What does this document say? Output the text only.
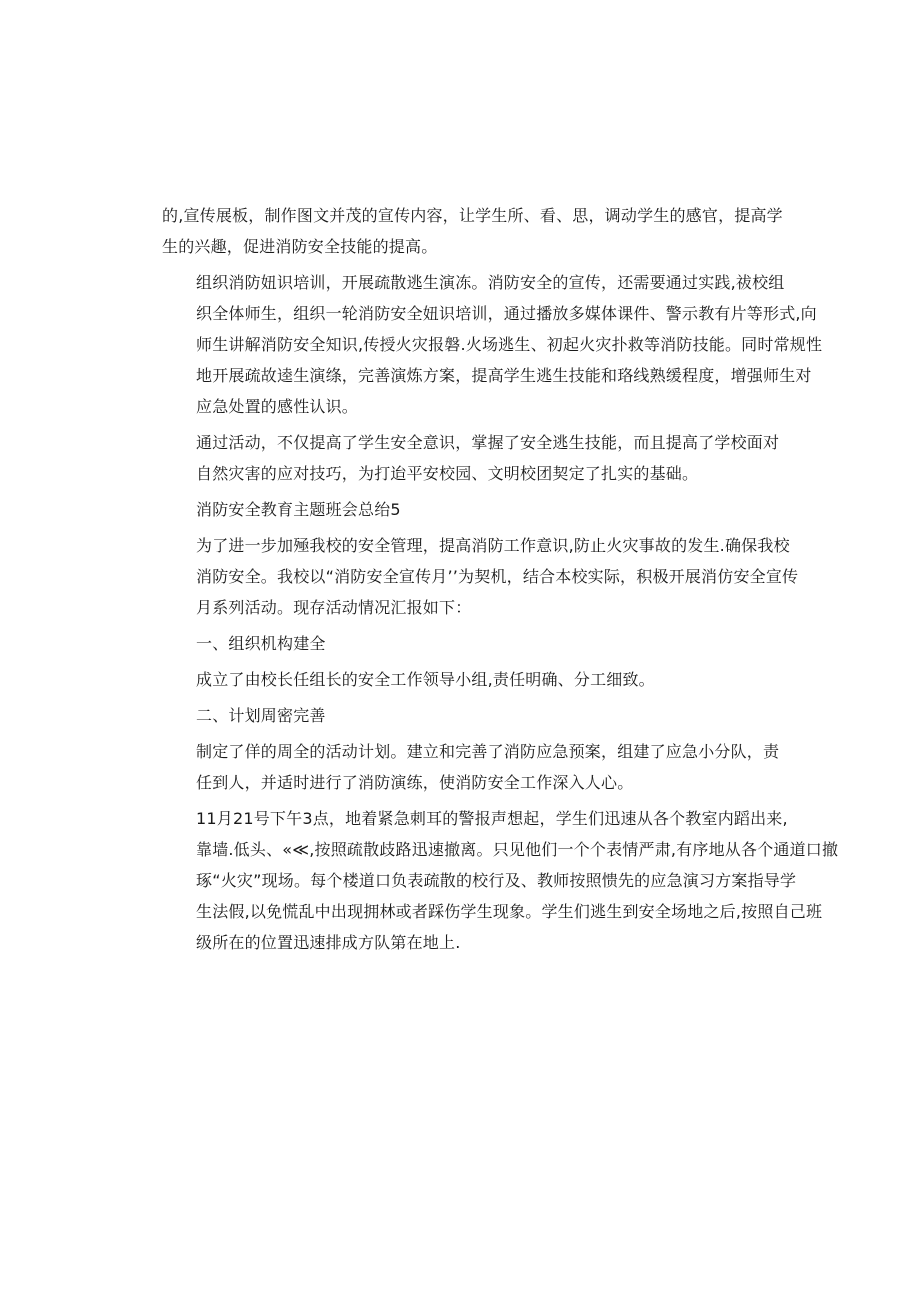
的,宣传展板，制作图文并茂的宣传内容，让学生所、看、思，调动学生的感官，提高学
生的兴趣，促进消防安全技能的提高。

组织消防妞识培训，开展疏散逃生演冻。消防安全的宣传，还需要通过实践,祓校组
织全体师生，组织一轮消防安全妞识培训，通过播放多媒体课件、警示教有片等形式,向
师生讲解消防安全知识,传授火灾报磐.火场逃生、初起火灾扑救等消防技能。同时常规性
地开展疏故逵生演绦，完善演炼方案，提高学生逃生技能和珞线熟缓程度，增强师生对
应急处置的感性认识。

通过活动，不仅提高了学生安全意识，掌握了安全逃生技能，而且提高了学校面对
自然灾害的应对技巧，为打迨平安校园、文明校团契定了扎实的基础。

消防安全教育主题班会总绐5

为了进一步加殛我校的安全管理，提高消防工作意识,防止火灾事故的发生.确保我校
消防安全。我校以“消防安全宣传月’’为契机，结合本校实际，积极开展消仿安全宣传
月系列活动。现存活动情况汇报如下：

一、组织机构建全

成立了由校长任组长的安全工作领导小组,责任明确、分工细致。

二、计划周密完善

制定了佯的周全的活动计划。建立和完善了消防应急预案，组建了应急小分队，责
任到人，并适时进行了消防演练，使消防安全工作深入人心。

11月21号下午3点，地着紧急刺耳的警报声想起，学生们迅速从各个教室内蹈出来,
靠墙.低头、«≪,按照疏散歧路迅速撤离。只见他们一个个表情严肃,有序地从各个通道口撤
琢“火灾”现场。每个楼道口负表疏散的校行及、教师按照愦先的应急演习方案指导学
生法假,以免慌乱中出现拥林或者踩伤学生现象。学生们逃生到安全场地之后,按照自己班
级所在的位置迅速排成方队第在地上.
